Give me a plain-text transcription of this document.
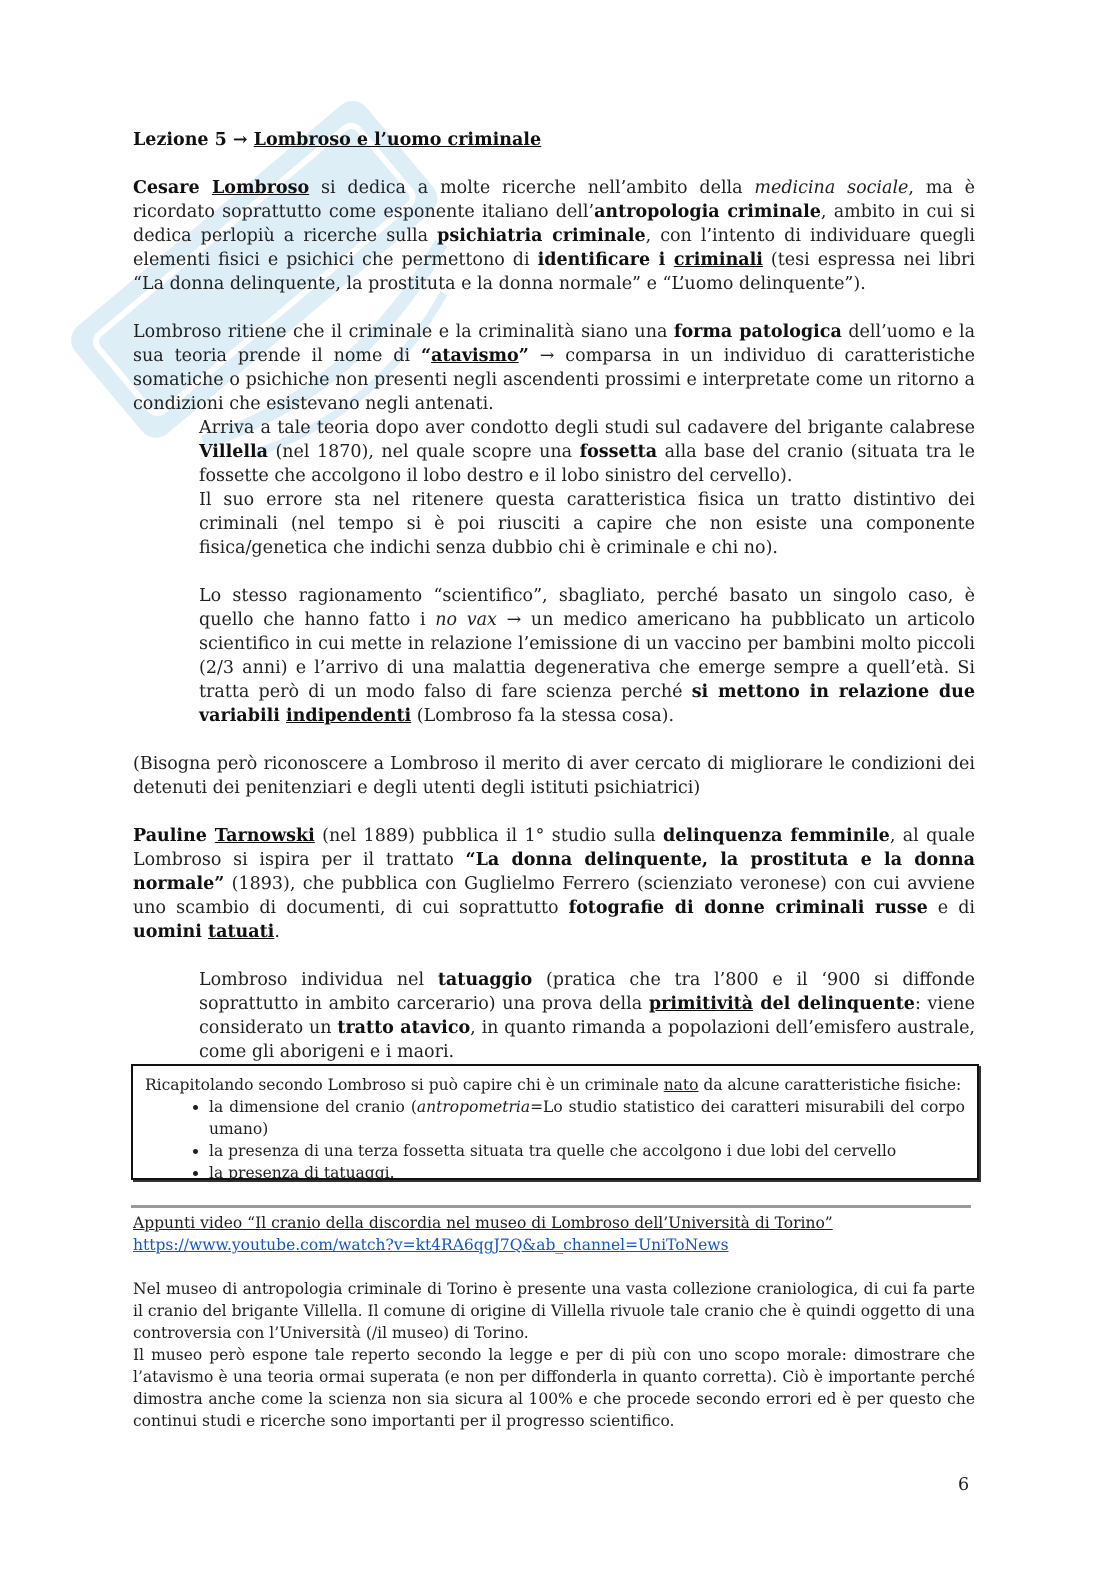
Lezione 5 → Lombroso e l’uomo criminale

Cesare Lombroso si dedica a molte ricerche nell’ambito della medicina sociale, ma è ricordato soprattutto come esponente italiano dell’antropologia criminale, ambito in cui si dedica perlopiù a ricerche sulla psichiatria criminale, con l’intento di individuare quegli elementi fisici e psichici che permettono di identificare i criminali (tesi espressa nei libri “La donna delinquente, la prostituta e la donna normale” e “L’uomo delinquente”).

Lombroso ritiene che il criminale e la criminalità siano una forma patologica dell’uomo e la sua teoria prende il nome di “atavismo” → comparsa in un individuo di caratteristiche somatiche o psichiche non presenti negli ascendenti prossimi e interpretate come un ritorno a condizioni che esistevano negli antenati.

Arriva a tale teoria dopo aver condotto degli studi sul cadavere del brigante calabrese Villella (nel 1870), nel quale scopre una fossetta alla base del cranio (situata tra le fossette che accolgono il lobo destro e il lobo sinistro del cervello).

Il suo errore sta nel ritenere questa caratteristica fisica un tratto distintivo dei criminali (nel tempo si è poi riusciti a capire che non esiste una componente fisica/genetica che indichi senza dubbio chi è criminale e chi no).

Lo stesso ragionamento “scientifico”, sbagliato, perché basato un singolo caso, è quello che hanno fatto i no vax → un medico americano ha pubblicato un articolo scientifico in cui mette in relazione l’emissione di un vaccino per bambini molto piccoli (2/3 anni) e l’arrivo di una malattia degenerativa che emerge sempre a quell’età. Si tratta però di un modo falso di fare scienza perché si mettono in relazione due variabili indipendenti (Lombroso fa la stessa cosa).

(Bisogna però riconoscere a Lombroso il merito di aver cercato di migliorare le condizioni dei detenuti dei penitenziari e degli utenti degli istituti psichiatrici)

Pauline Tarnowski (nel 1889) pubblica il 1° studio sulla delinquenza femminile, al quale Lombroso si ispira per il trattato “La donna delinquente, la prostituta e la donna normale” (1893), che pubblica con Guglielmo Ferrero (scienziato veronese) con cui avviene uno scambio di documenti, di cui soprattutto fotografie di donne criminali russe e di uomini tatuati.

Lombroso individua nel tatuaggio (pratica che tra l’800 e il ‘900 si diffonde soprattutto in ambito carcerario) una prova della primitività del delinquente: viene considerato un tratto atavico, in quanto rimanda a popolazioni dell’emisfero australe, come gli aborigeni e i maori.

Ricapitolando secondo Lombroso si può capire chi è un criminale nato da alcune caratteristiche fisiche:
• la dimensione del cranio (antropometria=Lo studio statistico dei caratteri misurabili del corpo umano)
• la presenza di una terza fossetta situata tra quelle che accolgono i due lobi del cervello
• la presenza di tatuaggi.
Appunti video “Il cranio della discordia nel museo di Lombroso dell’Università di Torino”
https://www.youtube.com/watch?v=kt4RA6qgJ7Q&ab_channel=UniToNews

Nel museo di antropologia criminale di Torino è presente una vasta collezione craniologica, di cui fa parte il cranio del brigante Villella. Il comune di origine di Villella rivuole tale cranio che è quindi oggetto di una controversia con l’Università (/il museo) di Torino.

Il museo però espone tale reperto secondo la legge e per di più con uno scopo morale: dimostrare che l’atavismo è una teoria ormai superata (e non per diffonderla in quanto corretta). Ciò è importante perché dimostra anche come la scienza non sia sicura al 100% e che procede secondo errori ed è per questo che continui studi e ricerche sono importanti per il progresso scientifico.

6
